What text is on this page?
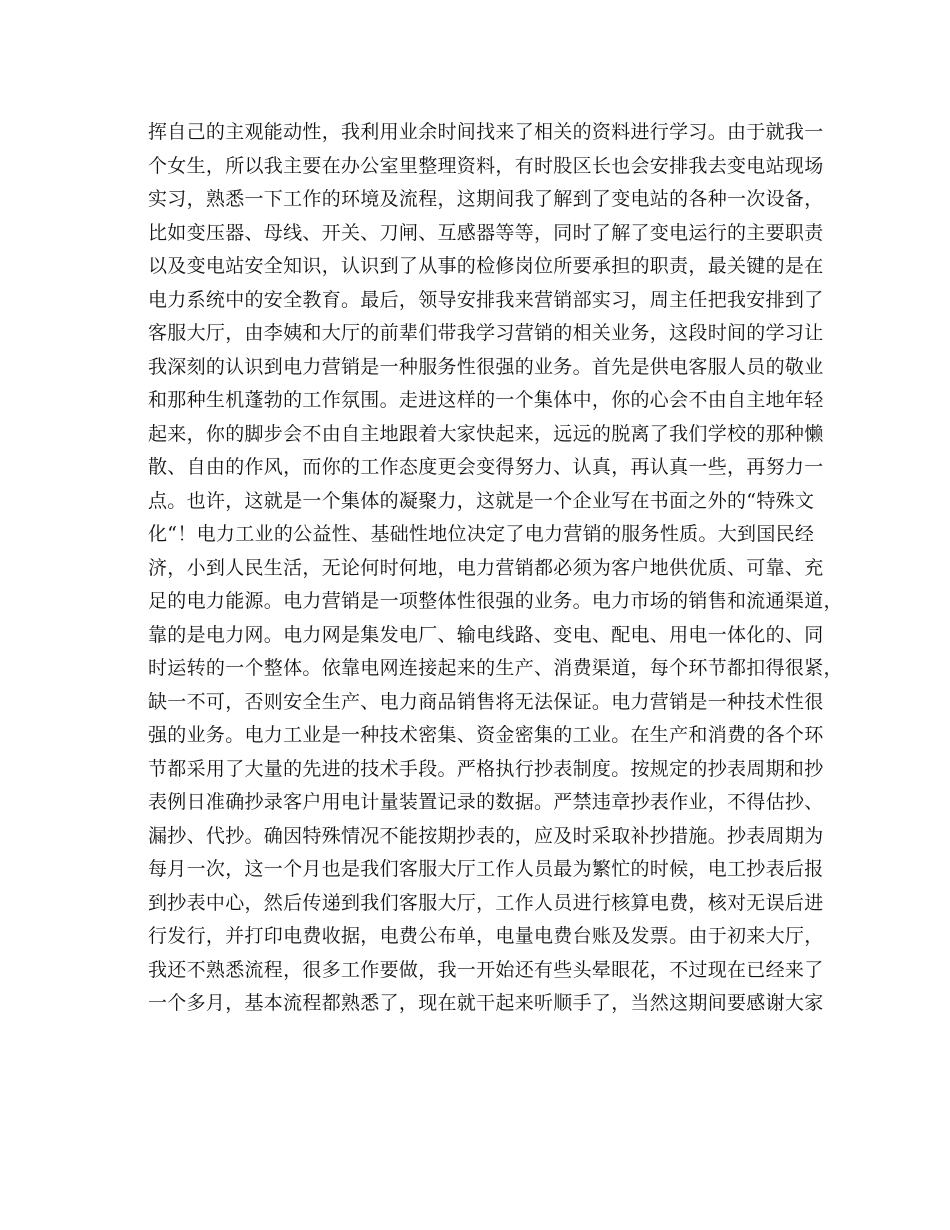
挥自己的主观能动性，我利用业余时间找来了相关的资料进行学习。由于就我一
个女生，所以我主要在办公室里整理资料，有时股区长也会安排我去变电站现场
实习，熟悉一下工作的环境及流程，这期间我了解到了变电站的各种一次设备，
比如变压器、母线、开关、刀闸、互感器等等，同时了解了变电运行的主要职责
以及变电站安全知识，认识到了从事的检修岗位所要承担的职责，最关键的是在
电力系统中的安全教育。最后，领导安排我来营销部实习，周主任把我安排到了
客服大厅，由李姨和大厅的前辈们带我学习营销的相关业务，这段时间的学习让
我深刻的认识到电力营销是一种服务性很强的业务。首先是供电客服人员的敬业
和那种生机蓬勃的工作氛围。走进这样的一个集体中，你的心会不由自主地年轻
起来，你的脚步会不由自主地跟着大家快起来，远远的脱离了我们学校的那种懒
散、自由的作风，而你的工作态度更会变得努力、认真，再认真一些，再努力一
点。也许，这就是一个集体的凝聚力，这就是一个企业写在书面之外的“特殊文
化“！电力工业的公益性、基础性地位决定了电力营销的服务性质。大到国民经
济，小到人民生活，无论何时何地，电力营销都必须为客户地供优质、可靠、充
足的电力能源。电力营销是一项整体性很强的业务。电力市场的销售和流通渠道，
靠的是电力网。电力网是集发电厂、输电线路、变电、配电、用电一体化的、同
时运转的一个整体。依靠电网连接起来的生产、消费渠道，每个环节都扣得很紧，
缺一不可，否则安全生产、电力商品销售将无法保证。电力营销是一种技术性很
强的业务。电力工业是一种技术密集、资金密集的工业。在生产和消费的各个环
节都采用了大量的先进的技术手段。严格执行抄表制度。按规定的抄表周期和抄
表例日准确抄录客户用电计量装置记录的数据。严禁违章抄表作业，不得估抄、
漏抄、代抄。确因特殊情况不能按期抄表的，应及时采取补抄措施。抄表周期为
每月一次，这一个月也是我们客服大厅工作人员最为繁忙的时候，电工抄表后报
到抄表中心，然后传递到我们客服大厅，工作人员进行核算电费，核对无误后进
行发行，并打印电费收据，电费公布单，电量电费台账及发票。由于初来大厅，
我还不熟悉流程，很多工作要做，我一开始还有些头晕眼花，不过现在已经来了
一个多月，基本流程都熟悉了，现在就干起来听顺手了，当然这期间要感谢大家
